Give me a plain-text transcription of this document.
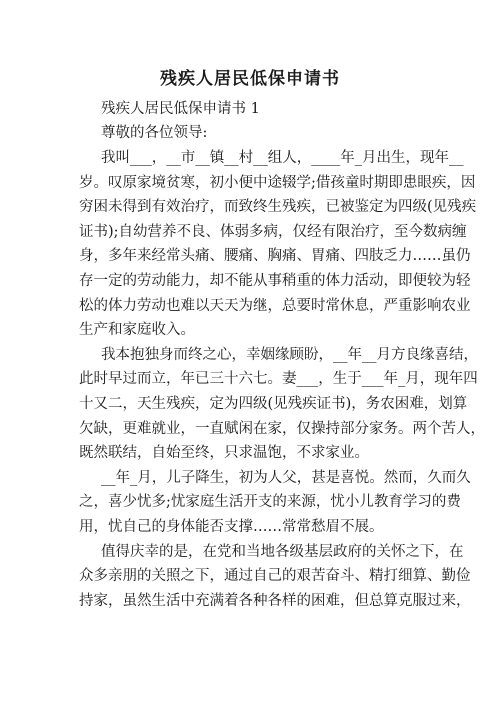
残疾人居民低保申请书
残疾人居民低保申请书 1
尊敬的各位领导:
我叫___，__市__镇__村__组人，____年_月出生，现年__
岁。叹原家境贫寒，初小便中途辍学;借孩童时期即患眼疾，因
穷困未得到有效治疗，而致终生残疾，已被鉴定为四级(见残疾
证书);自幼营养不良、体弱多病，仅经有限治疗，至今数病缠
身，多年来经常头痛、腰痛、胸痛、胃痛、四肢乏力……虽仍
存一定的劳动能力，却不能从事稍重的体力活动，即便较为轻
松的体力劳动也难以天天为继，总要时常休息，严重影响农业
生产和家庭收入。
我本抱独身而终之心，幸姻缘顾盼，__年__月方良缘喜结，
此时早过而立，年已三十六七。妻___，生于___年_月，现年四
十又二，天生残疾，定为四级(见残疾证书)，务农困难，划算
欠缺，更难就业，一直赋闲在家，仅操持部分家务。两个苦人，
既然联结，自始至终，只求温饱，不求家业。
__年_月，儿子降生，初为人父，甚是喜悦。然而，久而久
之，喜少忧多;忧家庭生活开支的来源，忧小儿教育学习的费
用，忧自己的身体能否支撑……常常愁眉不展。
值得庆幸的是，在党和当地各级基层政府的关怀之下，在
众多亲朋的关照之下，通过自己的艰苦奋斗、精打细算、勤俭
持家，虽然生活中充满着各种各样的困难，但总算克服过来，
